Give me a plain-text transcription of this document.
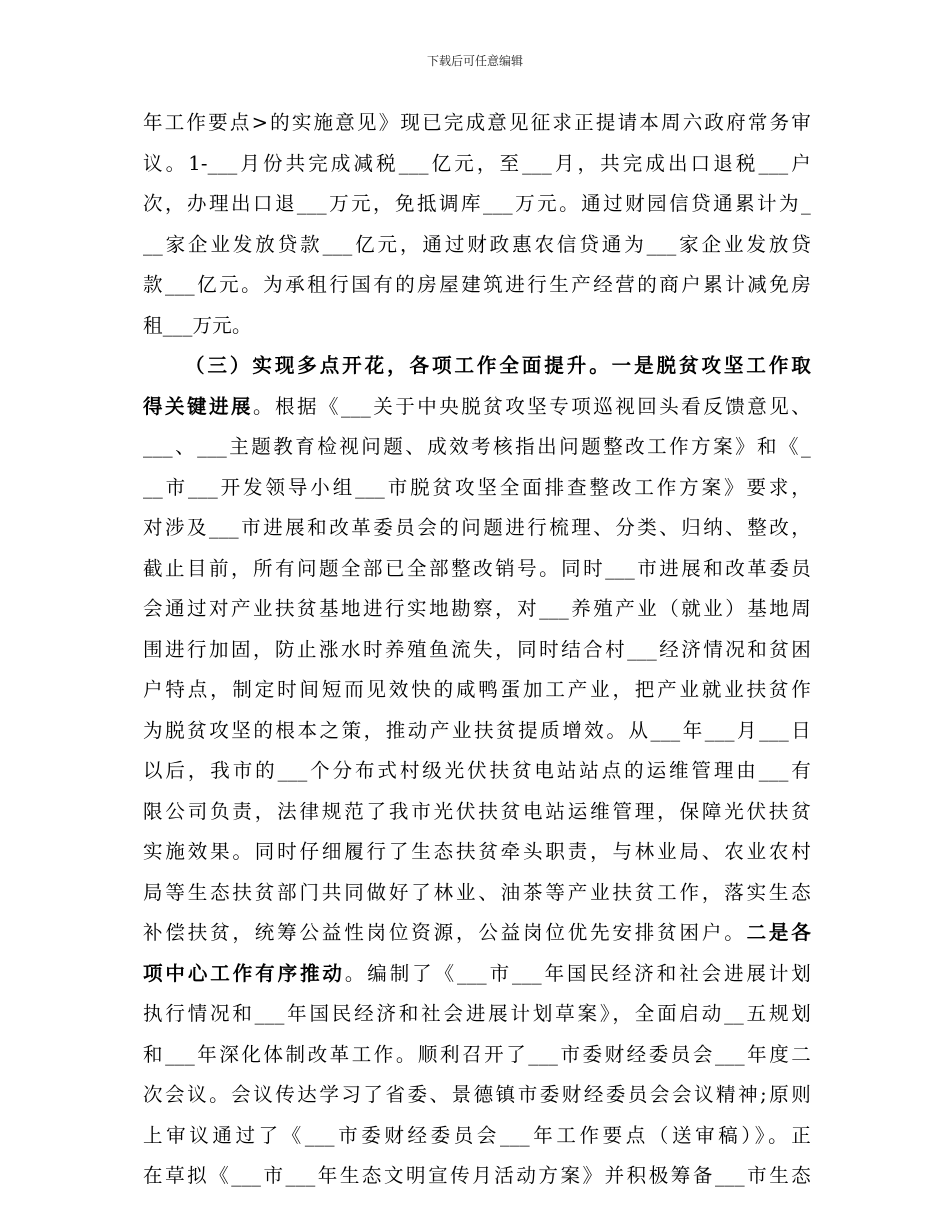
下载后可任意编辑
年工作要点>的实施意见》现已完成意见征求正提请本周六政府常务审
议。1-___月份共完成减税___亿元，至___月，共完成出口退税___户
次，办理出口退___万元，免抵调库___万元。通过财园信贷通累计为_
__家企业发放贷款___亿元，通过财政惠农信贷通为___家企业发放贷
款___亿元。为承租行国有的房屋建筑进行生产经营的商户累计减免房
租___万元。
（三）实现多点开花，各项工作全面提升。一是脱贫攻坚工作取
得关键进展。根据《___关于中央脱贫攻坚专项巡视回头看反馈意见、
___、___主题教育检视问题、成效考核指出问题整改工作方案》和《_
__市___开发领导小组___市脱贫攻坚全面排查整改工作方案》要求，
对涉及___市进展和改革委员会的问题进行梳理、分类、归纳、整改，
截止目前，所有问题全部已全部整改销号。同时___市进展和改革委员
会通过对产业扶贫基地进行实地勘察，对___养殖产业（就业）基地周
围进行加固，防止涨水时养殖鱼流失，同时结合村___经济情况和贫困
户特点，制定时间短而见效快的咸鸭蛋加工产业，把产业就业扶贫作
为脱贫攻坚的根本之策，推动产业扶贫提质增效。从___年___月___日
以后，我市的___个分布式村级光伏扶贫电站站点的运维管理由___有
限公司负责，法律规范了我市光伏扶贫电站运维管理，保障光伏扶贫
实施效果。同时仔细履行了生态扶贫牵头职责，与林业局、农业农村
局等生态扶贫部门共同做好了林业、油茶等产业扶贫工作，落实生态
补偿扶贫，统筹公益性岗位资源，公益岗位优先安排贫困户。二是各
项中心工作有序推动。编制了《___市___年国民经济和社会进展计划
执行情况和___年国民经济和社会进展计划草案》，全面启动__五规划
和___年深化体制改革工作。顺利召开了___市委财经委员会___年度二
次会议。会议传达学习了省委、景德镇市委财经委员会会议精神;原则
上审议通过了《___市委财经委员会___年工作要点（送审稿）》。正
在草拟《___市___年生态文明宣传月活动方案》并积极筹备___市生态
